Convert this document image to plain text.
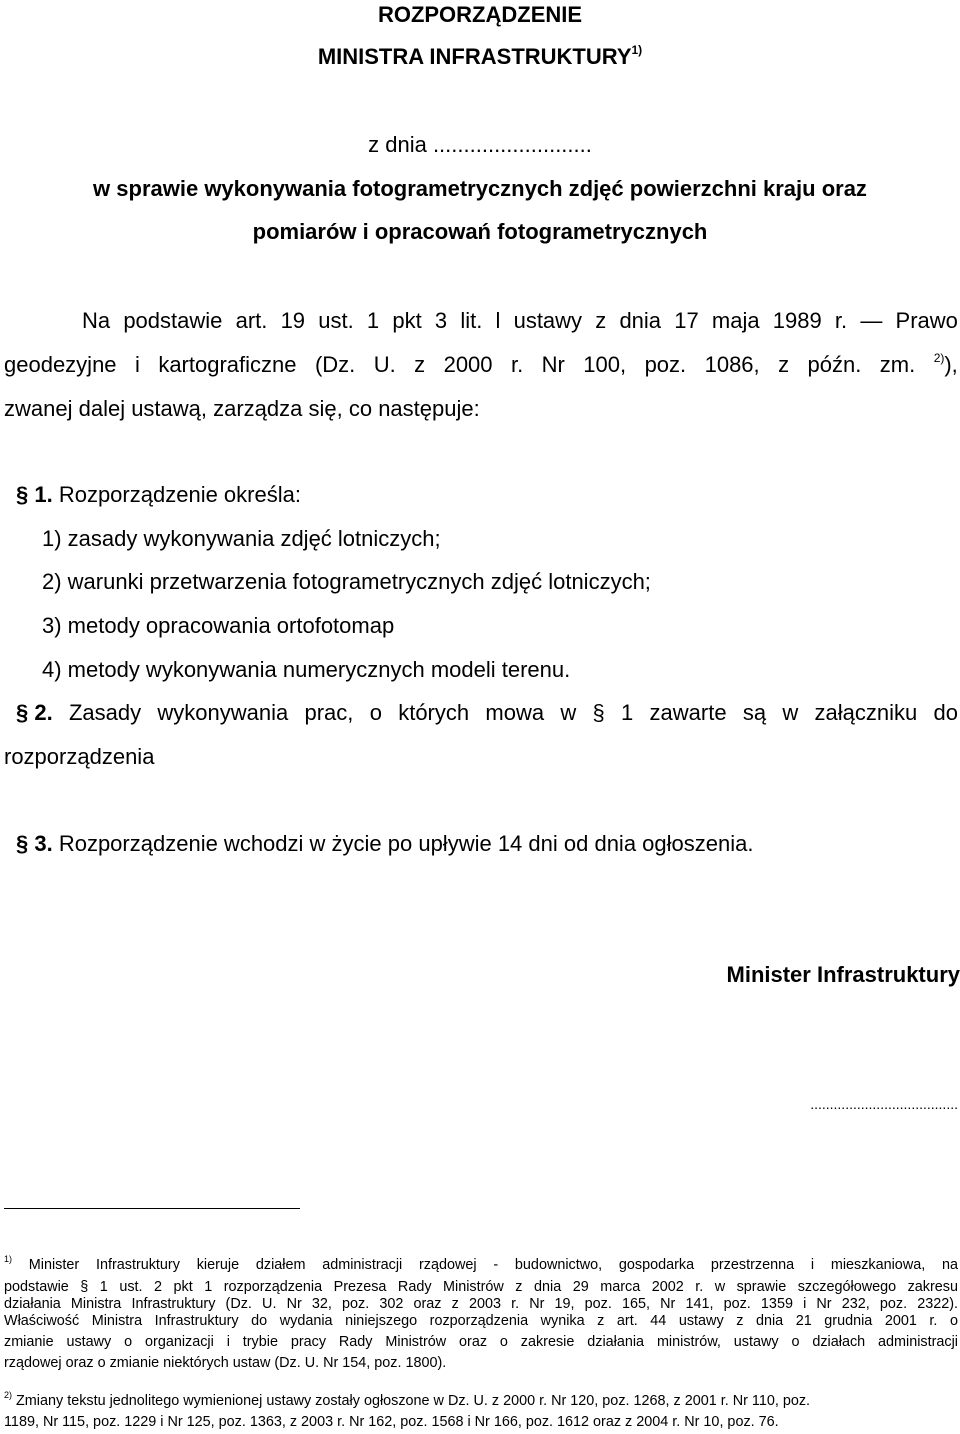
ROZPORZĄDZENIE
MINISTRA INFRASTRUKTURY$^{1)}$
z dnia ..........................
w sprawie wykonywania fotogrametrycznych zdjęć powierzchni kraju oraz
pomiarów i opracowań fotogrametrycznych
Na podstawie art. 19 ust. 1 pkt 3 lit. l ustawy z dnia 17 maja 1989 r. — Prawo
geodezyjne i kartograficzne (Dz. U. z 2000 r. Nr 100, poz. 1086, z późn. zm. $^{2)}$),
zwanej dalej ustawą, zarządza się, co następuje:
§ 1. Rozporządzenie określa:
1) zasady wykonywania zdjęć lotniczych;
2) warunki przetwarzenia fotogrametrycznych zdjęć lotniczych;
3) metody opracowania ortofotomap
4) metody wykonywania numerycznych modeli terenu.
§ 2. Zasady wykonywania prac, o których mowa w § 1 zawarte są w załączniku do
rozporządzenia
§ 3. Rozporządzenie wchodzi w życie po upływie 14 dni od dnia ogłoszenia.
Minister Infrastruktury
......................................
$^{1)}$ Minister Infrastruktury kieruje działem administracji rządowej - budownictwo, gospodarka przestrzenna i mieszkaniowa, na
podstawie § 1 ust. 2 pkt 1 rozporządzenia Prezesa Rady Ministrów z dnia 29 marca 2002 r. w sprawie szczegółowego zakresu
działania Ministra Infrastruktury (Dz. U. Nr 32, poz. 302 oraz z 2003 r. Nr 19, poz. 165, Nr 141, poz. 1359 i Nr 232, poz. 2322).
Właściwość Ministra Infrastruktury do wydania niniejszego rozporządzenia wynika z art. 44 ustawy z dnia 21 grudnia 2001 r. o
zmianie ustawy o organizacji i trybie pracy Rady Ministrów oraz o zakresie działania ministrów, ustawy o działach administracji
rządowej oraz o zmianie niektórych ustaw (Dz. U. Nr 154, poz. 1800).
$^{2)}$ Zmiany tekstu jednolitego wymienionej ustawy zostały ogłoszone w Dz. U. z 2000 r. Nr 120, poz. 1268, z 2001 r. Nr 110, poz.
1189, Nr 115, poz. 1229 i Nr 125, poz. 1363, z 2003 r. Nr 162, poz. 1568 i Nr 166, poz. 1612 oraz z 2004 r. Nr 10, poz. 76.
